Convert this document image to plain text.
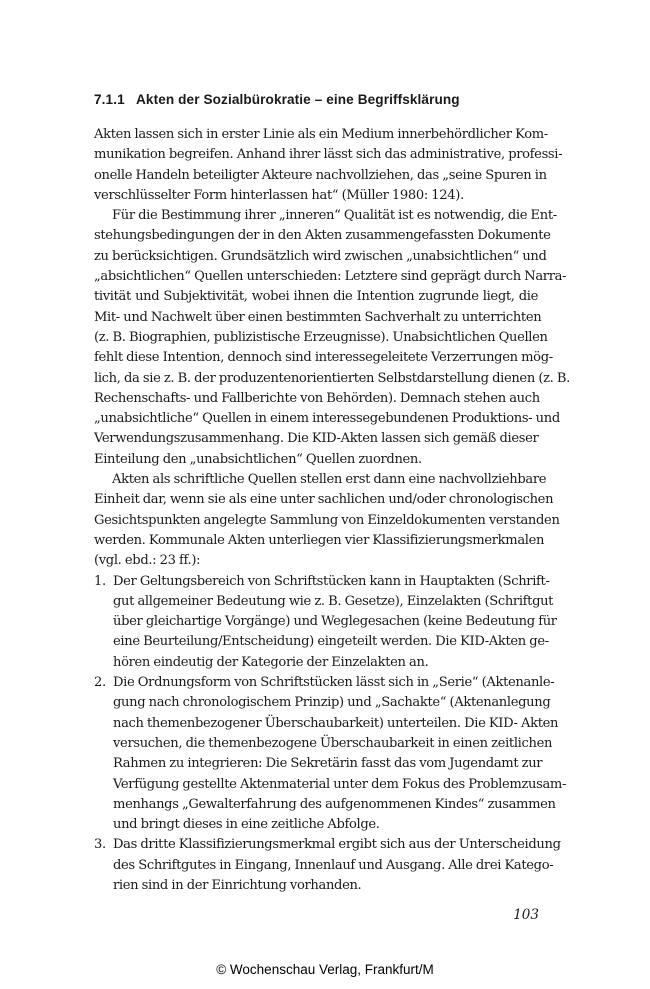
7.1.1 Akten der Sozialbürokratie – eine Begriffsklärung
Akten lassen sich in erster Linie als ein Medium innerbehördlicher Kom-
munikation begreifen. Anhand ihrer lässt sich das administrative, professi-
onelle Handeln beteiligter Akteure nachvollziehen, das „seine Spuren in
verschlüsselter Form hinterlassen hat“ (Müller 1980: 124).
Für die Bestimmung ihrer „inneren“ Qualität ist es notwendig, die Ent-
stehungsbedingungen der in den Akten zusammengefassten Dokumente
zu berücksichtigen. Grundsätzlich wird zwischen „unabsichtlichen“ und
„absichtlichen“ Quellen unterschieden: Letztere sind geprägt durch Narra-
tivität und Subjektivität, wobei ihnen die Intention zugrunde liegt, die
Mit- und Nachwelt über einen bestimmten Sachverhalt zu unterrichten
(z. B. Biographien, publizistische Erzeugnisse). Unabsichtlichen Quellen
fehlt diese Intention, dennoch sind interessegeleitete Verzerrungen mög-
lich, da sie z. B. der produzentenorientierten Selbstdarstellung dienen (z. B.
Rechenschafts- und Fallberichte von Behörden). Demnach stehen auch
„unabsichtliche“ Quellen in einem interessegebundenen Produktions- und
Verwendungszusammenhang. Die KID-Akten lassen sich gemäß dieser
Einteilung den „unabsichtlichen“ Quellen zuordnen.
Akten als schriftliche Quellen stellen erst dann eine nachvollziehbare
Einheit dar, wenn sie als eine unter sachlichen und/oder chronologischen
Gesichtspunkten angelegte Sammlung von Einzeldokumenten verstanden
werden. Kommunale Akten unterliegen vier Klassifizierungsmerkmalen
(vgl. ebd.: 23 ff.):
1. Der Geltungsbereich von Schriftstücken kann in Hauptakten (Schrift-
gut allgemeiner Bedeutung wie z. B. Gesetze), Einzelakten (Schriftgut
über gleichartige Vorgänge) und Weglegesachen (keine Bedeutung für
eine Beurteilung/Entscheidung) eingeteilt werden. Die KID-Akten ge-
hören eindeutig der Kategorie der Einzelakten an.
2. Die Ordnungsform von Schriftstücken lässt sich in „Serie“ (Aktenanle-
gung nach chronologischem Prinzip) und „Sachakte“ (Aktenanlegung
nach themenbezogener Überschaubarkeit) unterteilen. Die KID- Akten
versuchen, die themenbezogene Überschaubarkeit in einen zeitlichen
Rahmen zu integrieren: Die Sekretärin fasst das vom Jugendamt zur
Verfügung gestellte Aktenmaterial unter dem Fokus des Problemzusam-
menhangs „Gewalterfahrung des aufgenommenen Kindes“ zusammen
und bringt dieses in eine zeitliche Abfolge.
3. Das dritte Klassifizierungsmerkmal ergibt sich aus der Unterscheidung
des Schriftgutes in Eingang, Innenlauf und Ausgang. Alle drei Katego-
rien sind in der Einrichtung vorhanden.
103
© Wochenschau Verlag, Frankfurt/M
